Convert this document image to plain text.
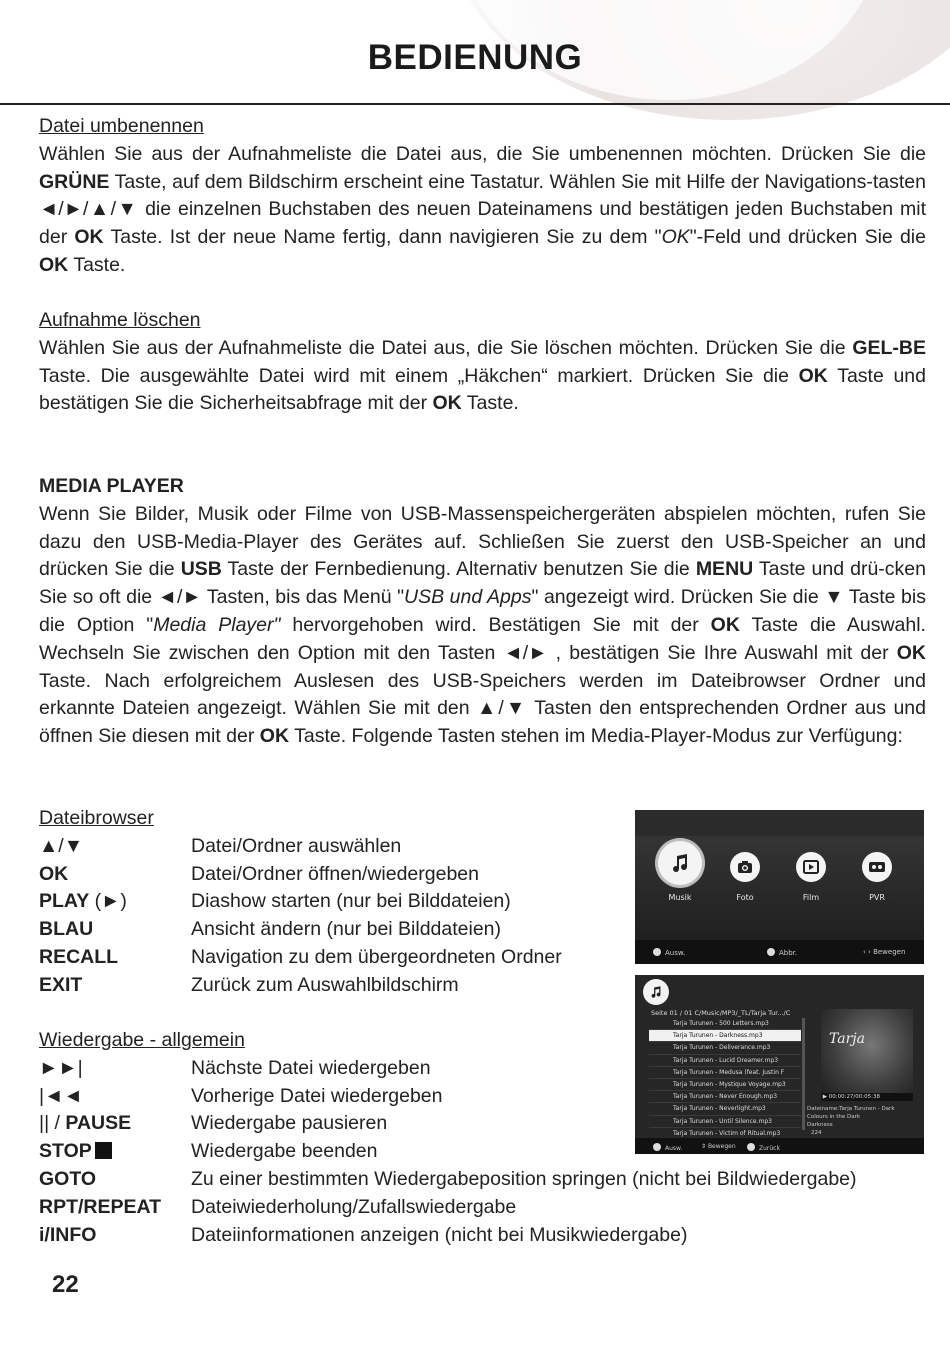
BEDIENUNG
Datei umbenennen
Wählen Sie aus der Aufnahmeliste die Datei aus, die Sie umbenennen möchten. Drücken Sie die GRÜNE Taste, auf dem Bildschirm erscheint eine Tastatur. Wählen Sie mit Hilfe der Navigations-tasten ◄/►/▲/▼ die einzelnen Buchstaben des neuen Dateinamens und bestätigen jeden Buchstaben mit der OK Taste. Ist der neue Name fertig, dann navigieren Sie zu dem "OK"-Feld und drücken Sie die OK Taste.
Aufnahme löschen
Wählen Sie aus der Aufnahmeliste die Datei aus, die Sie löschen möchten. Drücken Sie die GEL-BE Taste. Die ausgewählte Datei wird mit einem „Häkchen“ markiert. Drücken Sie die OK Taste und bestätigen Sie die Sicherheitsabfrage mit der OK Taste.
MEDIA PLAYER
Wenn Sie Bilder, Musik oder Filme von USB-Massenspeichergeräten abspielen möchten, rufen Sie dazu den USB-Media-Player des Gerätes auf. Schließen Sie zuerst den USB-Speicher an und drücken Sie die USB Taste der Fernbedienung. Alternativ benutzen Sie die MENU Taste und drü-cken Sie so oft die ◄/► Tasten, bis das Menü "USB und Apps" angezeigt wird. Drücken Sie die ▼ Taste bis die Option "Media Player" hervorgehoben wird. Bestätigen Sie mit der OK Taste die Auswahl. Wechseln Sie zwischen den Option mit den Tasten ◄/► , bestätigen Sie Ihre Auswahl mit der OK Taste. Nach erfolgreichem Auslesen des USB-Speichers werden im Dateibrowser Ordner und erkannte Dateien angezeigt. Wählen Sie mit den ▲/▼ Tasten den entsprechenden Ordner aus und öffnen Sie diesen mit der OK Taste. Folgende Tasten stehen im Media-Player-Modus zur Verfügung:
Dateibrowser
▲/▼	Datei/Ordner auswählen
OK	Datei/Ordner öffnen/wiedergeben
PLAY (►)	Diashow starten (nur bei Bilddateien)
BLAU	Ansicht ändern (nur bei Bilddateien)
RECALL	Navigation zu dem übergeordneten Ordner
EXIT	Zurück zum Auswahlbildschirm
Wiedergabe - allgemein
►►|	Nächste Datei wiedergeben
|◄◄	Vorherige Datei wiedergeben
|| / PAUSE	Wiedergabe pausieren
STOP	Wiedergabe beenden
GOTO	Zu einer bestimmten Wiedergabeposition springen (nicht bei Bildwiedergabe)
RPT/REPEAT	Dateiwiederholung/Zufallswiedergabe
i/INFO	Dateiinformationen anzeigen (nicht bei Musikwiedergabe)
Musik	Foto	Film	PVR
Ausw.	Abbr.	‹ › Bewegen
Seite 01 / 01 C/Music/MP3/_TL/Tarja Tur.../C
Tarja Turunen - 500 Letters.mp3
Tarja Turunen - Darkness.mp3
Tarja Turunen - Deliverance.mp3
Tarja Turunen - Lucid Dreamer.mp3
Tarja Turunen - Medusa (feat. Justin F
Tarja Turunen - Mystique Voyage.mp3
Tarja Turunen - Never Enough.mp3
Tarja Turunen - Neverlight.mp3
Tarja Turunen - Until Silence.mp3
Tarja Turunen - Victim of Ritual.mp3
Tarja
▶ 00:00:27/00:05:38
Dateiname:Tarja Turunen - Dark
Colours in the Dark
Darkness
224
Ausw.	⇕ Bewegen	Zurück
22
